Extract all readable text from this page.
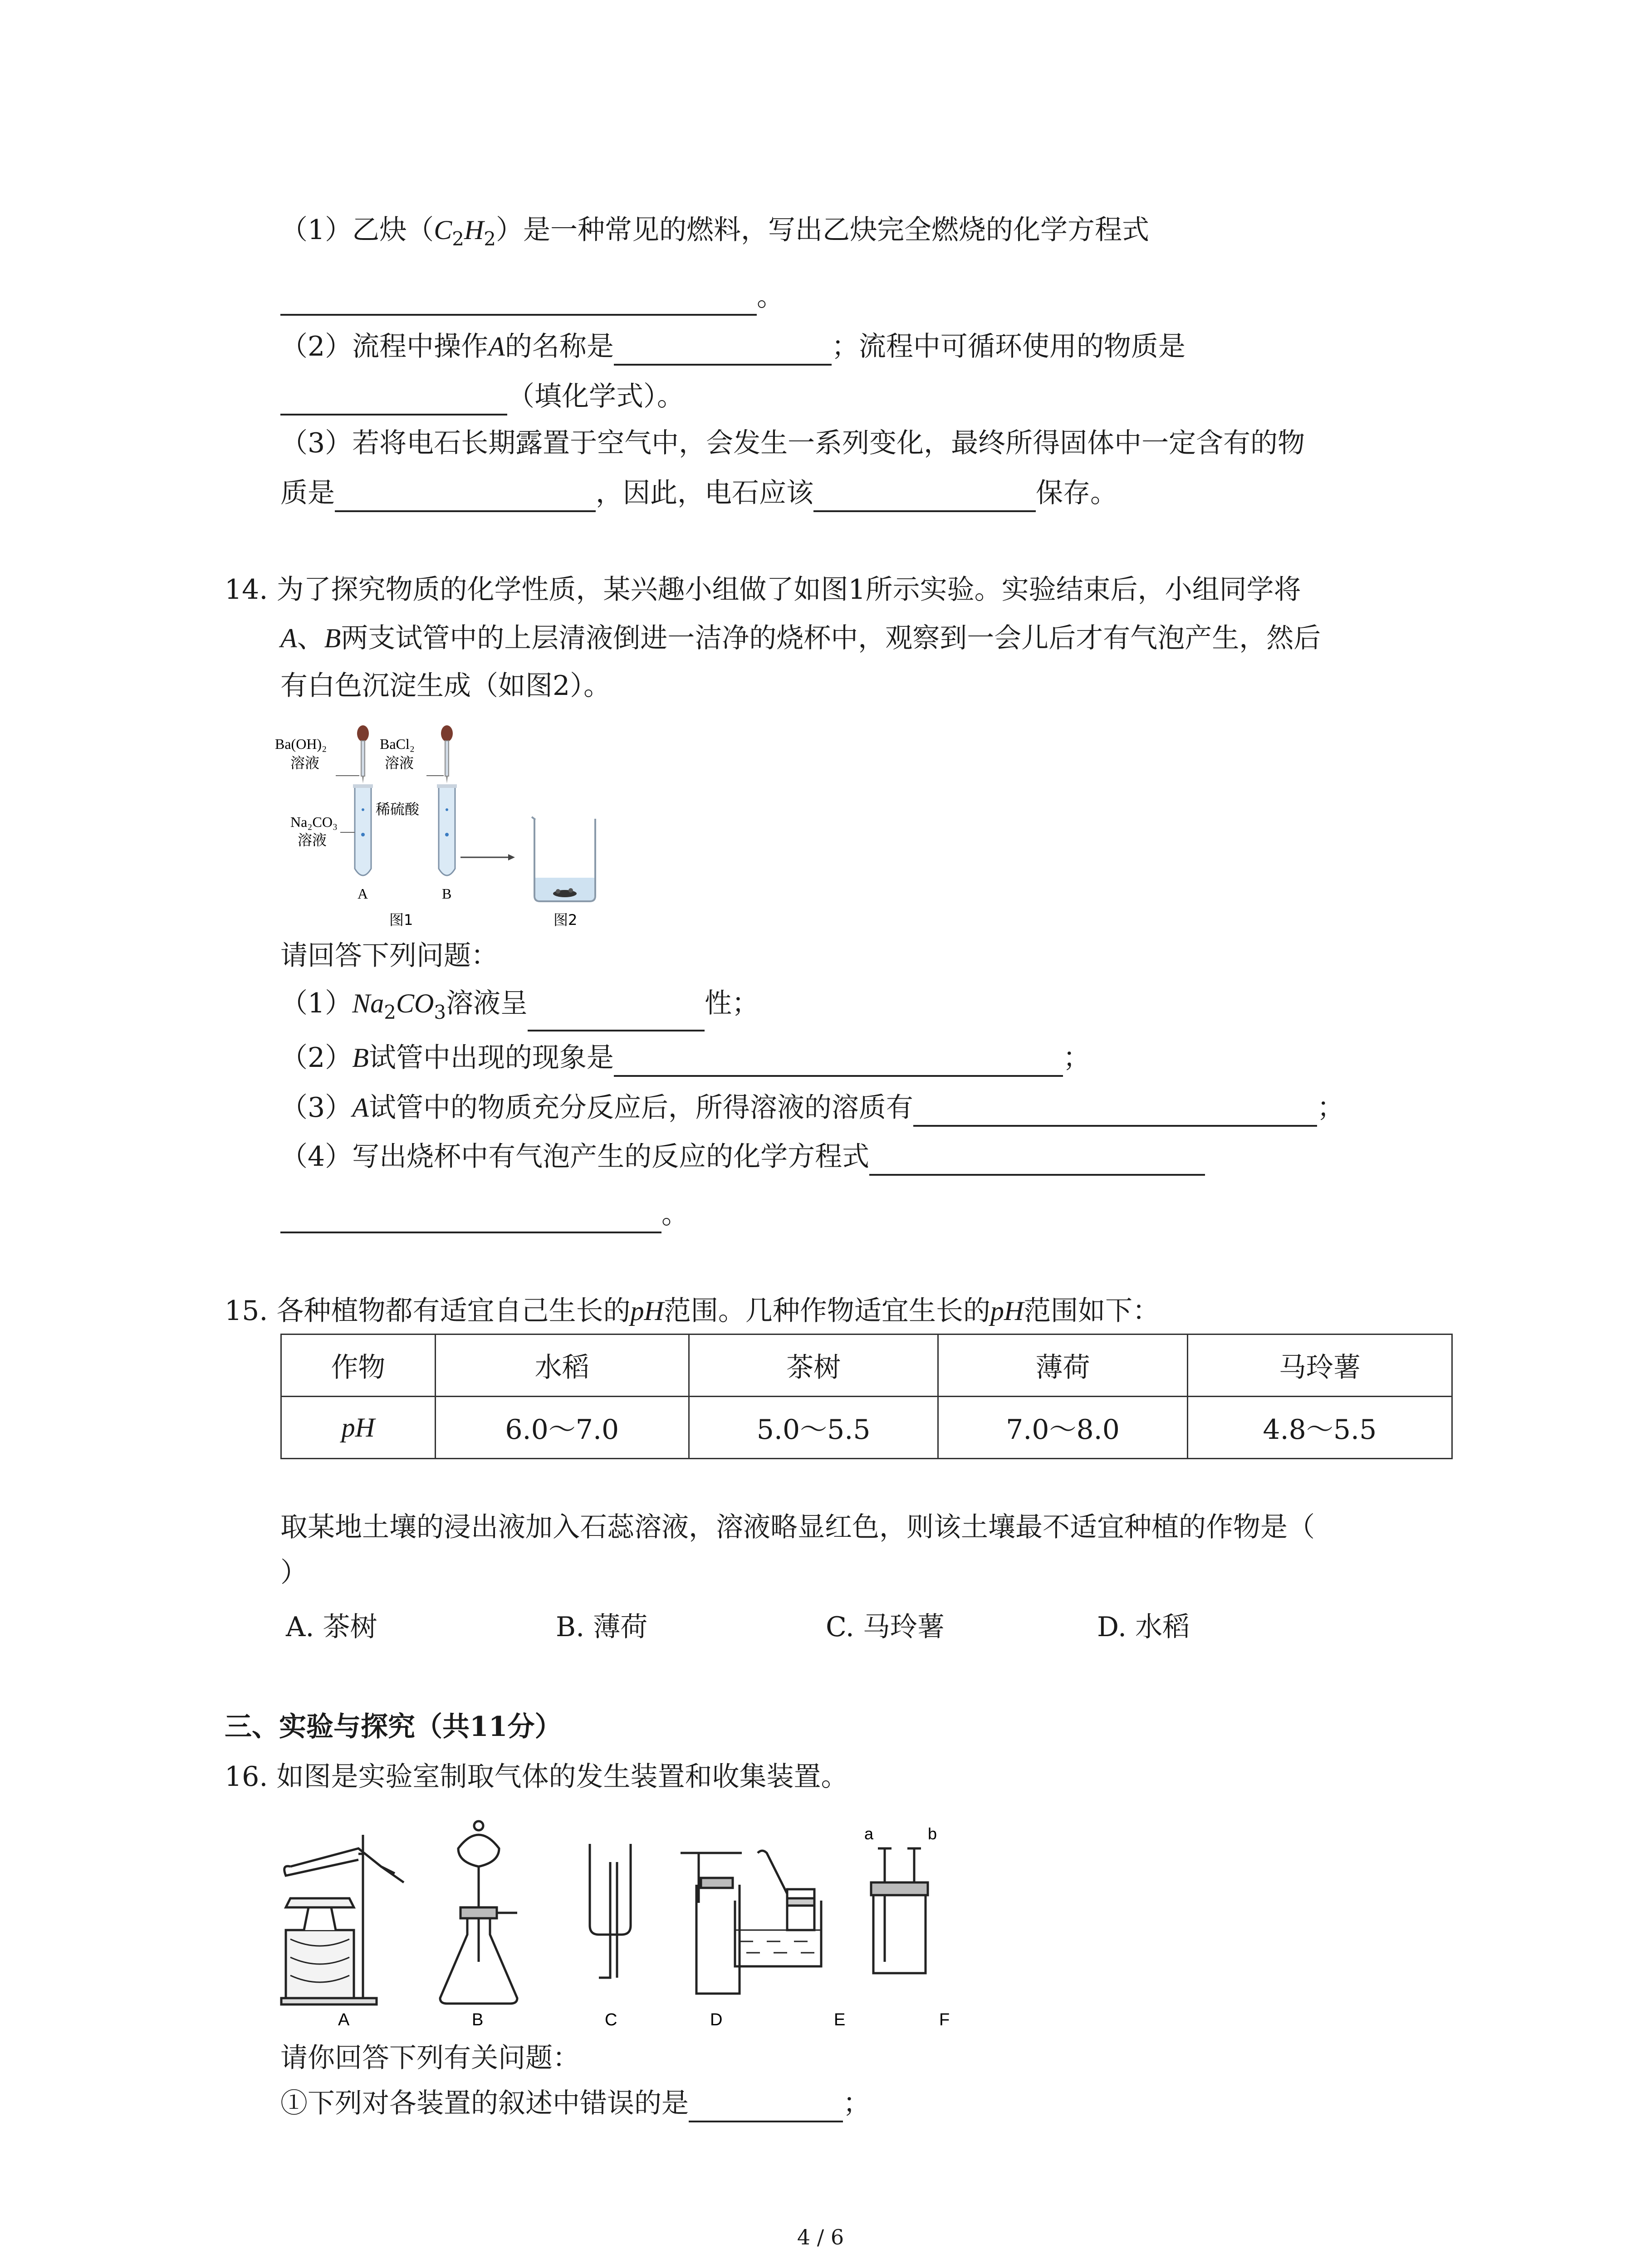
（1）乙炔$(C_2H_2)$是一种常见的燃料，写出乙炔完全燃烧的化学方程式
。
（2）流程中操作A的名称是	；流程中可循环使用的物质是
（填化学式）。
（3）若将电石长期露置于空气中，会发生一系列变化，最终所得固体中一定含有的物
质是	，因此，电石应该	保存。
14. 为了探究物质的化学性质，某兴趣小组做了如图1所示实验。实验结束后，小组同学将
A、B两支试管中的上层清液倒进一洁净的烧杯中，观察到一会儿后才有气泡产生，然后
有白色沉淀生成（如图2）。
Ba(OH)₂
溶液
BaCl₂
溶液
Na₂CO₃
溶液
稀硫酸
A	B
图1	图2
请回答下列问题：
$(1)Na_2CO_3$溶液呈	性；
（2）B试管中出现的现象是	；
（3）A试管中的物质充分反应后，所得溶液的溶质有	；
（4）写出烧杯中有气泡产生的反应的化学方程式
。
15. 各种植物都有适宜自己生长的pH范围。几种作物适宜生长的pH范围如下：
作物	水稻	茶树	薄荷	马玲薯
pH	6.0～7.0	5.0～5.5	7.0～8.0	4.8～5.5
取某地土壤的浸出液加入石蕊溶液，溶液略显红色，则该土壤最不适宜种植的作物是（
）
A. 茶树	B. 薄荷	C. 马玲薯	D. 水稻
三、实验与探究（共11分）
16. 如图是实验室制取气体的发生装置和收集装置。
a	b
A	B	C	D	E	F
请你回答下列有关问题：
①下列对各装置的叙述中错误的是	；
4 / 6
